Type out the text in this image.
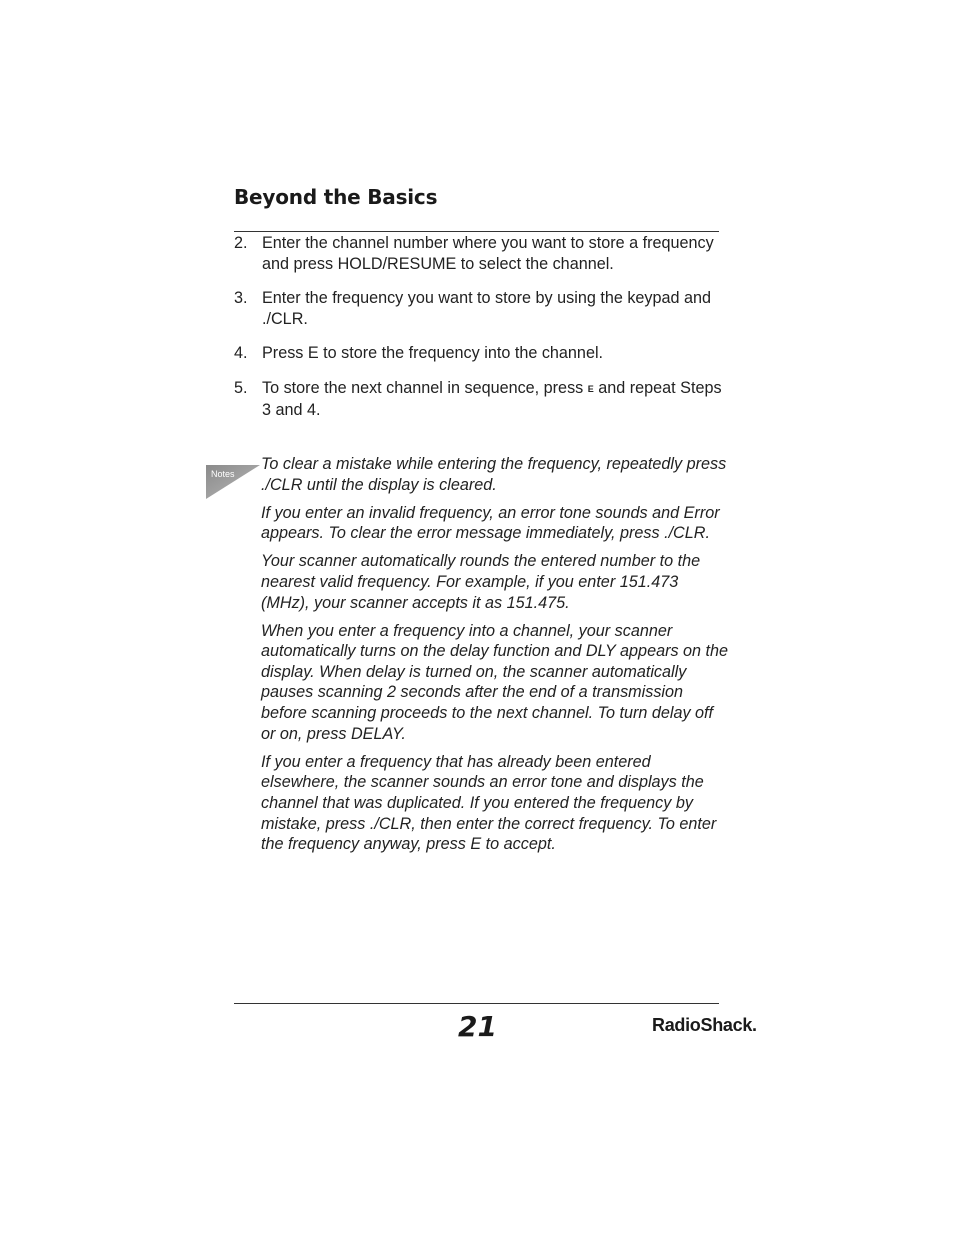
Beyond the Basics
2. Enter the channel number where you want to store a frequency and press HOLD/RESUME to select the channel.
3. Enter the frequency you want to store by using the keypad and ./CLR.
4. Press E to store the frequency into the channel.
5. To store the next channel in sequence, press E and repeat Steps 3 and 4.
Notes

To clear a mistake while entering the frequency, repeatedly press ./CLR until the display is cleared.

If you enter an invalid frequency, an error tone sounds and Error appears. To clear the error message immediately, press ./CLR.

Your scanner automatically rounds the entered number to the nearest valid frequency. For example, if you enter 151.473 (MHz), your scanner accepts it as 151.475.

When you enter a frequency into a channel, your scanner automatically turns on the delay function and DLY appears on the display. When delay is turned on, the scanner automatically pauses scanning 2 seconds after the end of a transmission before scanning proceeds to the next channel. To turn delay off or on, press DELAY.

If you enter a frequency that has already been entered elsewhere, the scanner sounds an error tone and displays the channel that was duplicated. If you entered the frequency by mistake, press ./CLR, then enter the correct frequency. To enter the frequency anyway, press E to accept.

21	RadioShack.
